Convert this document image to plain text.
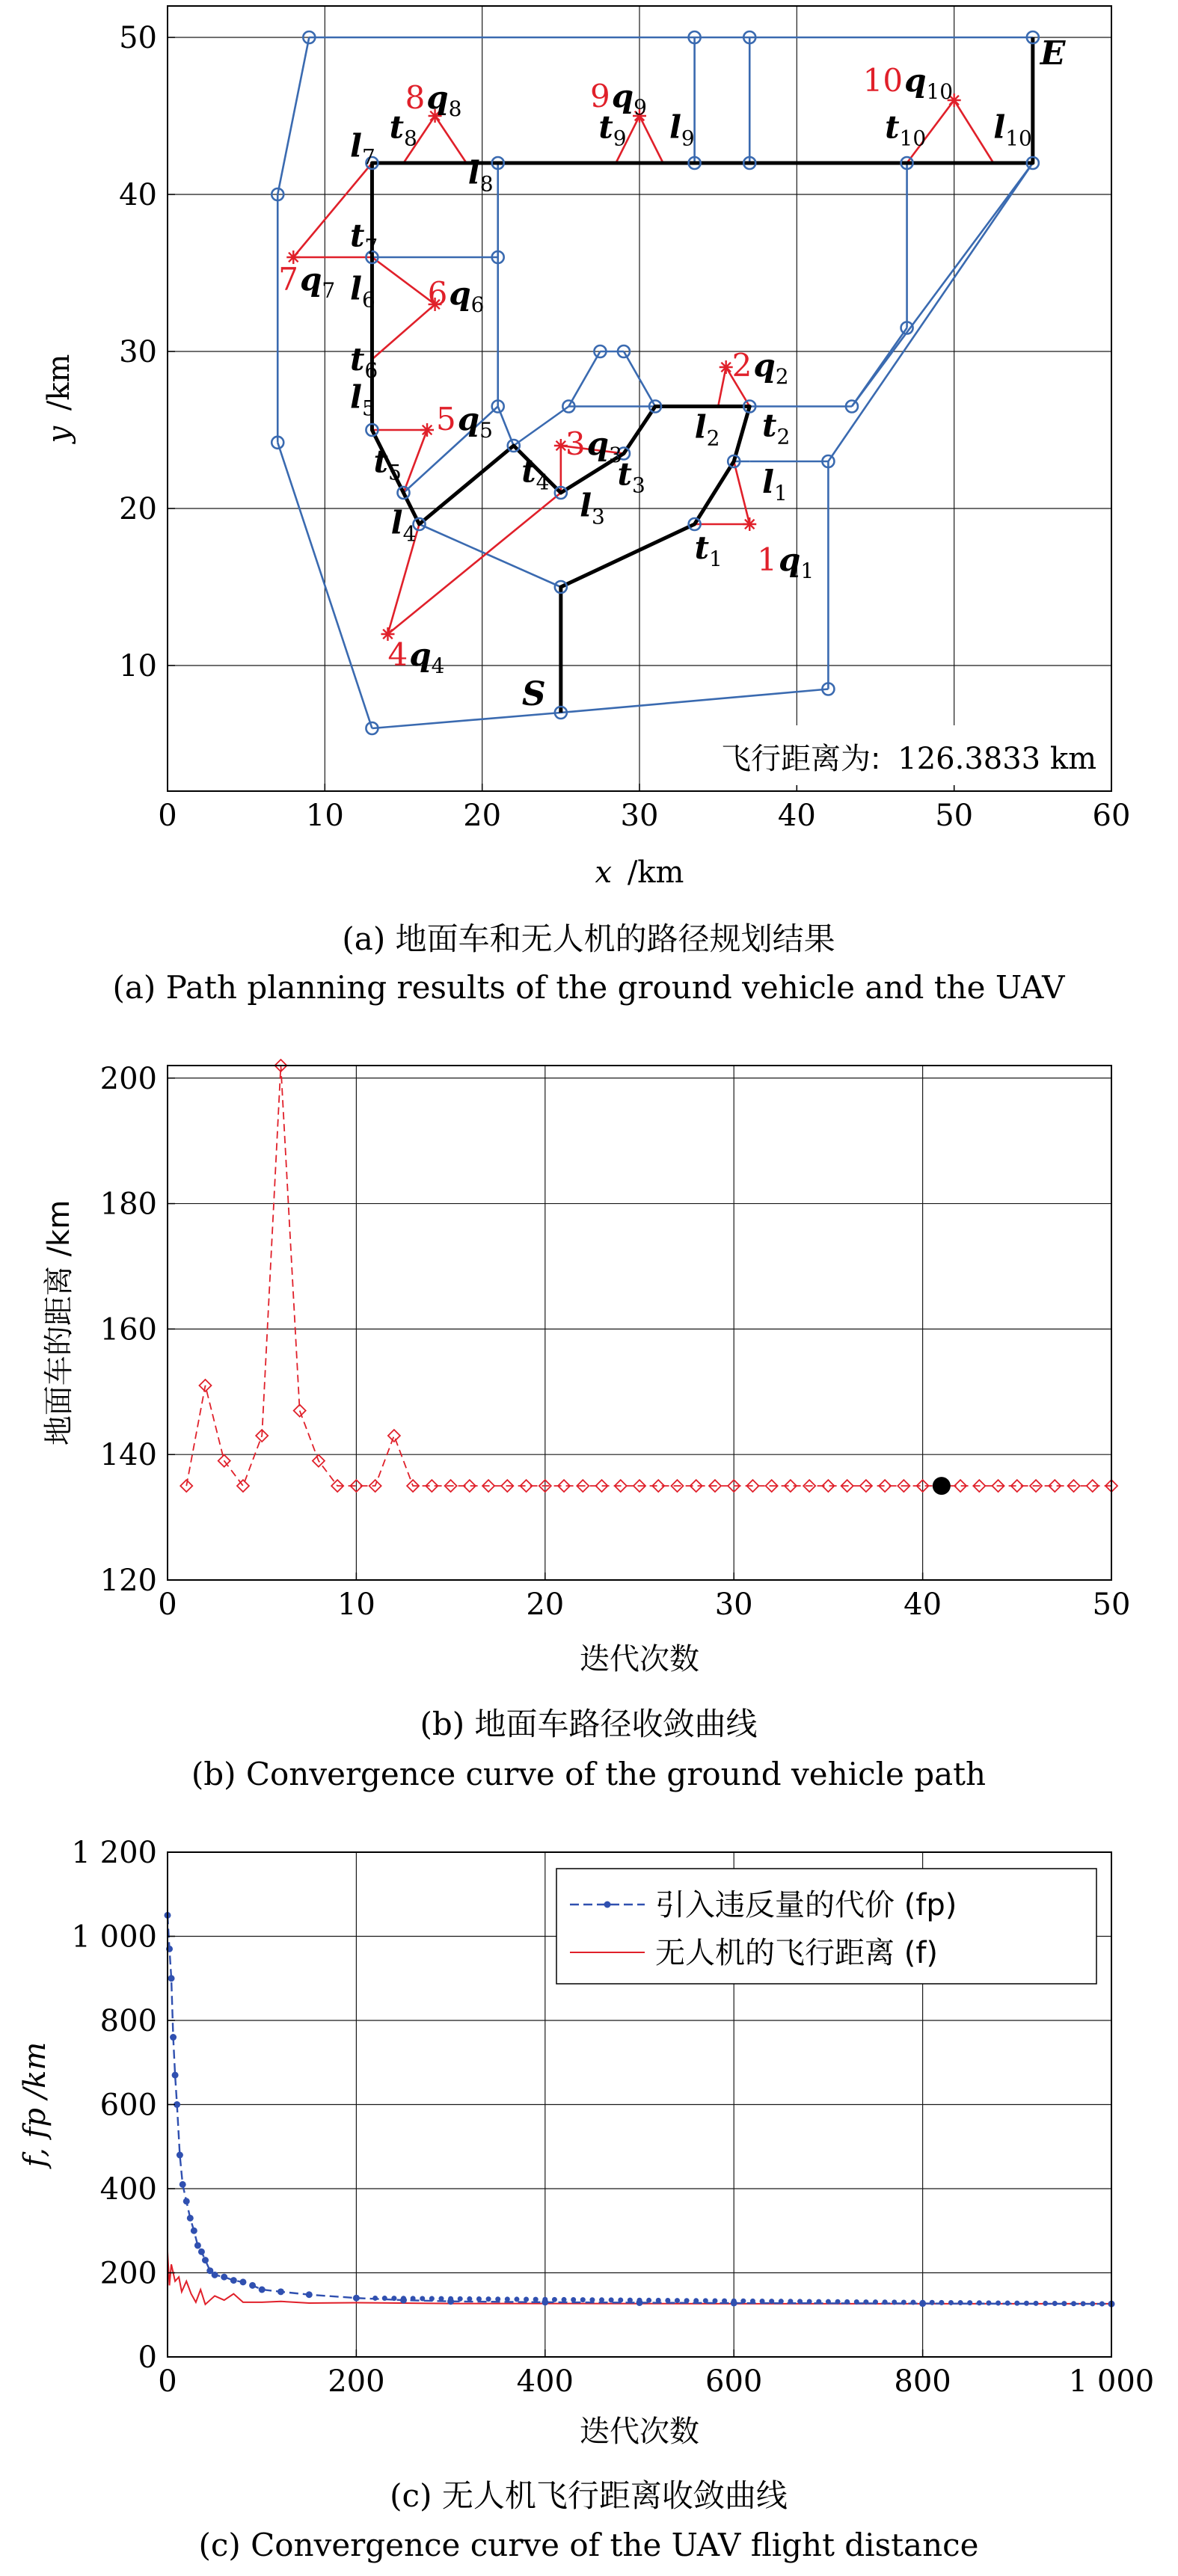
$1q_1$
$2q_2$
$3q_3$
$4q_4$
$5q_5$
$6q_6$
$7q_7$
$8q_8$	$9q_9$
$10q_{10}$
$t_1$
$l_1$
$l_2$ $t_2$
$t_3$
$l_3$
$t_4$
$l_4$
$t_5$
$l_5$
$t_6$
$l_6$
$t_7$
$l_7$
$t_8$
$l_8$
$t_9$ $l_9$	$t_{10}$ $l_{10}$
S
E
0	10	20	30	40	50	60
10
20
30
40
50
飞行距离为: 126.3833 km
x /km
y /km
(a) 地面车和无人机的路径规划结果
(a) Path planning results of the ground vehicle and the UAV
0	10	20	30	40	50
120
140
160
180
200
迭代次数
地面车的距离 /km
(b) 地面车路径收敛曲线
(b) Convergence curve of the ground vehicle path
0	200	400	600	800	1 000
0
200
400
600
800
1 000
1 200
引入违反量的代价 (fp)
无人机的飞行距离 (f)
迭代次数
f, fp /km
(c) 无人机飞行距离收敛曲线
(c) Convergence curve of the UAV flight distance
